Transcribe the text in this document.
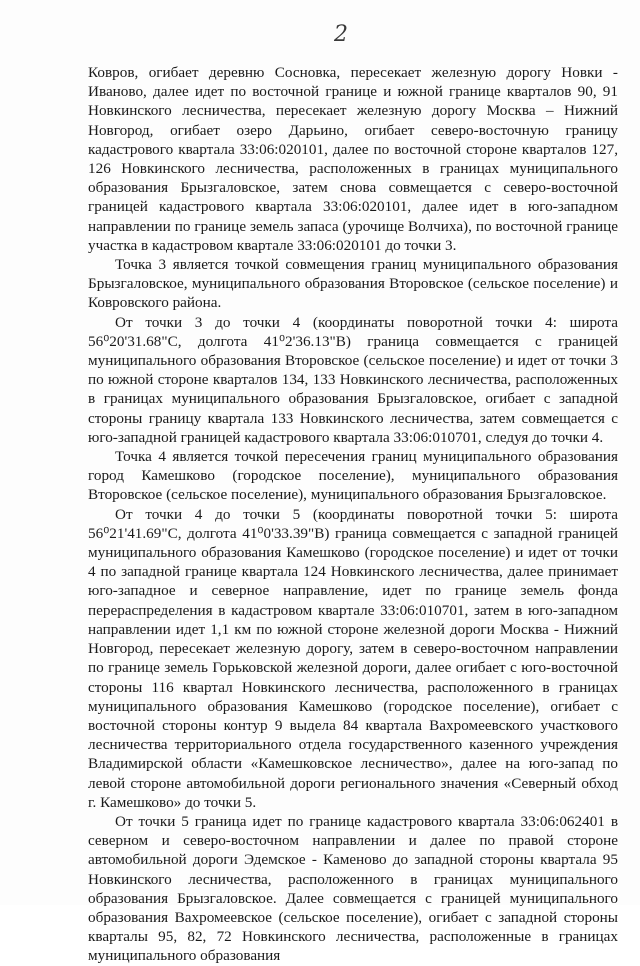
2

Ковров, огибает деревню Сосновка, пересекает железную дорогу Новки - Иваново, далее идет по восточной границе и южной границе кварталов 90, 91 Новкинского лесничества, пересекает железную дорогу Москва – Нижний Новгород, огибает озеро Дарьино, огибает северо-восточную границу кадастрового квартала 33:06:020101, далее по восточной стороне кварталов 127, 126 Новкинского лесничества, расположенных в границах муниципального образования Брызгаловское, затем снова совмещается с северо-восточной границей кадастрового квартала 33:06:020101, далее идет в юго-западном направлении по границе земель запаса (урочище Волчиха), по восточной границе участка в кадастровом квартале 33:06:020101 до точки 3.

Точка 3 является точкой совмещения границ муниципального образования Брызгаловское, муниципального образования Второвское (сельское поселение) и Ковровского района.

От точки 3 до точки 4 (координаты поворотной точки 4: широта 56⁰20'31.68"С, долгота 41⁰2'36.13"В) граница совмещается с границей муниципального образования Второвское (сельское поселение) и идет от точки 3 по южной стороне кварталов 134, 133 Новкинского лесничества, расположенных в границах муниципального образования Брызгаловское, огибает с западной стороны границу квартала 133 Новкинского лесничества, затем совмещается с юго-западной границей кадастрового квартала 33:06:010701, следуя до точки 4.

Точка 4 является точкой пересечения границ муниципального образования город Камешково (городское поселение), муниципального образования Второвское (сельское поселение), муниципального образования Брызгаловское.

От точки 4 до точки 5 (координаты поворотной точки 5: широта 56⁰21'41.69"С, долгота 41⁰0'33.39"В) граница совмещается с западной границей муниципального образования Камешково (городское поселение) и идет от точки 4 по западной границе квартала 124 Новкинского лесничества, далее принимает юго-западное и северное направление, идет по границе земель фонда перераспределения в кадастровом квартале 33:06:010701, затем в юго-западном направлении идет 1,1 км по южной стороне железной дороги Москва - Нижний Новгород, пересекает железную дорогу, затем в северо-восточном направлении по границе земель Горьковской железной дороги, далее огибает с юго-восточной стороны 116 квартал Новкинского лесничества, расположенного в границах муниципального образования Камешково (городское поселение), огибает с восточной стороны контур 9 выдела 84 квартала Вахромеевского участкового лесничества территориального отдела государственного казенного учреждения Владимирской области «Камешковское лесничество», далее на юго-запад по левой стороне автомобильной дороги регионального значения «Северный обход г. Камешково» до точки 5.

От точки 5 граница идет по границе кадастрового квартала 33:06:062401 в северном и северо-восточном направлении и далее по правой стороне автомобильной дороги Эдемское - Каменово до западной стороны квартала 95 Новкинского лесничества, расположенного в границах муниципального образования Брызгаловское. Далее совмещается с границей муниципального образования Вахромеевское (сельское поселение), огибает с западной стороны кварталы 95, 82, 72 Новкинского лесничества, расположенные в границах муниципального образования
